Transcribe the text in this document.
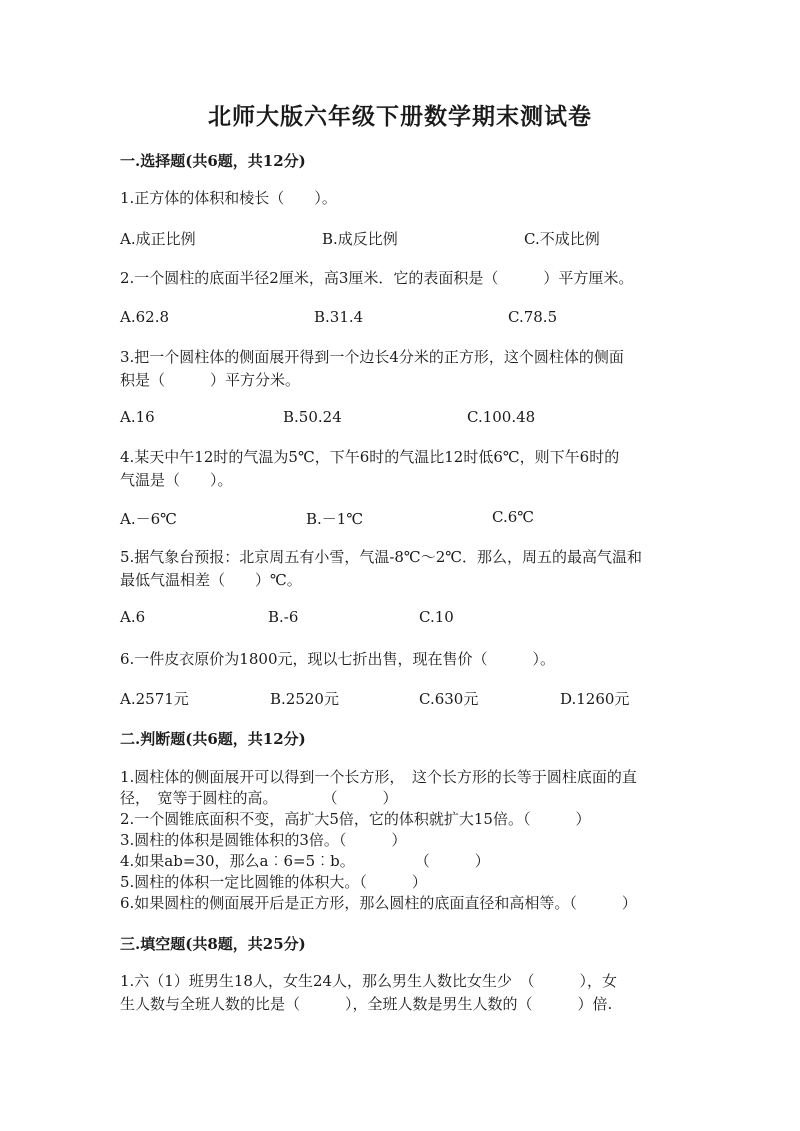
北师大版六年级下册数学期末测试卷
一.选择题(共6题，共12分)
1.正方体的体积和棱长（　　）。
A.成正比例	B.成反比例	C.不成比例
2.一个圆柱的底面半径2厘米，高3厘米．它的表面积是（　　　）平方厘米。
A.62.8	B.31.4	C.78.5
3.把一个圆柱体的侧面展开得到一个边长4分米的正方形，这个圆柱体的侧面
积是（　　　）平方分米。
A.16	B.50.24	C.100.48
4.某天中午12时的气温为5℃，下午6时的气温比12时低6℃，则下午6时的
气温是（　　）。
A.－6℃	B.－1℃	C.6℃
5.据气象台预报：北京周五有小雪，气温-8℃～2℃．那么，周五的最高气温和
最低气温相差（　　）℃。
A.6	B.-6	C.10
6.一件皮衣原价为1800元，现以七折出售，现在售价（　　　）。
A.2571元	B.2520元	C.630元	D.1260元
二.判断题(共6题，共12分)
1.圆柱体的侧面展开可以得到一个长方形，　这个长方形的长等于圆柱底面的直
径，　宽等于圆柱的高。　　　　（　　　）
2.一个圆锥底面积不变，高扩大5倍，它的体积就扩大15倍。（　　　）
3.圆柱的体积是圆锥体积的3倍。（　　　）
4.如果ab=30，那么a︰6=5︰b。　　　　　（　　　）
5.圆柱的体积一定比圆锥的体积大。（　　　）
6.如果圆柱的侧面展开后是正方形，那么圆柱的底面直径和高相等。（　　　）
三.填空题(共8题，共25分)
1.六（1）班男生18人，女生24人，那么男生人数比女生少　（　　　），女
生人数与全班人数的比是（　　　），全班人数是男生人数的（　　　）倍.
